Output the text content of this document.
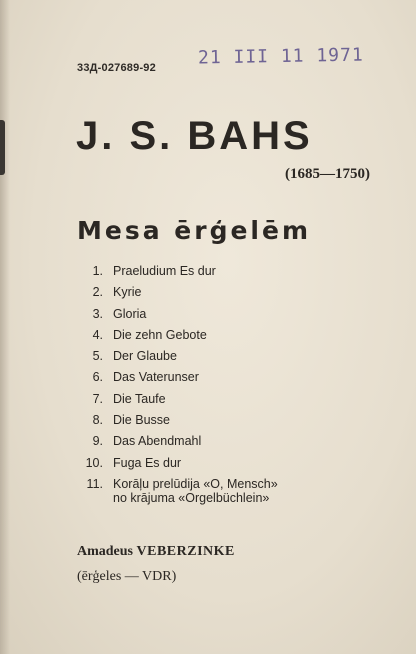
33Д-027689-92 21 III 11 1971
J. S. BAHS
(1685—1750)
Mesa ērģelēm
1. Praeludium Es dur
2. Kyrie
3. Gloria
4. Die zehn Gebote
5. Der Glaube
6. Das Vaterunser
7. Die Taufe
8. Die Busse
9. Das Abendmahl
10. Fuga Es dur
11. Korāļu prelūdija «O, Mensch»
no krājuma «Orgelbüchlein»
Amadeus VEBERZINKE
(ērģeles — VDR)
